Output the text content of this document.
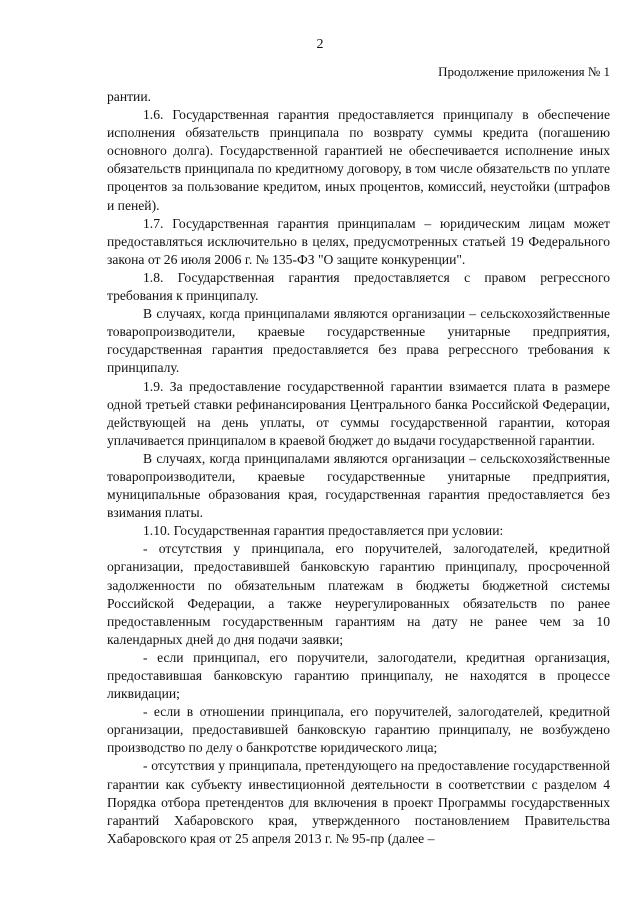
2
Продолжение приложения № 1

рантии.

1.6. Государственная гарантия предоставляется принципалу в обеспечение исполнения обязательств принципала по возврату суммы кредита (погашению основного долга). Государственной гарантией не обеспечивается исполнение иных обязательств принципала по кредитному договору, в том числе обязательств по уплате процентов за пользование кредитом, иных процентов, комиссий, неустойки (штрафов и пеней).

1.7. Государственная гарантия принципалам – юридическим лицам может предоставляться исключительно в целях, предусмотренных статьей 19 Федерального закона от 26 июля 2006 г. № 135-ФЗ "О защите конкуренции".

1.8. Государственная гарантия предоставляется с правом регрессного требования к принципалу.

В случаях, когда принципалами являются организации – сельскохозяйственные товаропроизводители, краевые государственные унитарные предприятия, государственная гарантия предоставляется без права регрессного требования к принципалу.

1.9. За предоставление государственной гарантии взимается плата в размере одной третьей ставки рефинансирования Центрального банка Российской Федерации, действующей на день уплаты, от суммы государственной гарантии, которая уплачивается принципалом в краевой бюджет до выдачи государственной гарантии.

В случаях, когда принципалами являются организации – сельскохозяйственные товаропроизводители, краевые государственные унитарные предприятия, муниципальные образования края, государственная гарантия предоставляется без взимания платы.

1.10. Государственная гарантия предоставляется при условии:

- отсутствия у принципала, его поручителей, залогодателей, кредитной организации, предоставившей банковскую гарантию принципалу, просроченной задолженности по обязательным платежам в бюджеты бюджетной системы Российской Федерации, а также неурегулированных обязательств по ранее предоставленным государственным гарантиям на дату не ранее чем за 10 календарных дней до дня подачи заявки;

- если принципал, его поручители, залогодатели, кредитная организация, предоставившая банковскую гарантию принципалу, не находятся в процессе ликвидации;

- если в отношении принципала, его поручителей, залогодателей, кредитной организации, предоставившей банковскую гарантию принципалу, не возбуждено производство по делу о банкротстве юридического лица;

- отсутствия у принципала, претендующего на предоставление государственной гарантии как субъекту инвестиционной деятельности в соответствии с разделом 4 Порядка отбора претендентов для включения в проект Программы государственных гарантий Хабаровского края, утвержденного постановлением Правительства Хабаровского края от 25 апреля 2013 г. № 95-пр (далее –
